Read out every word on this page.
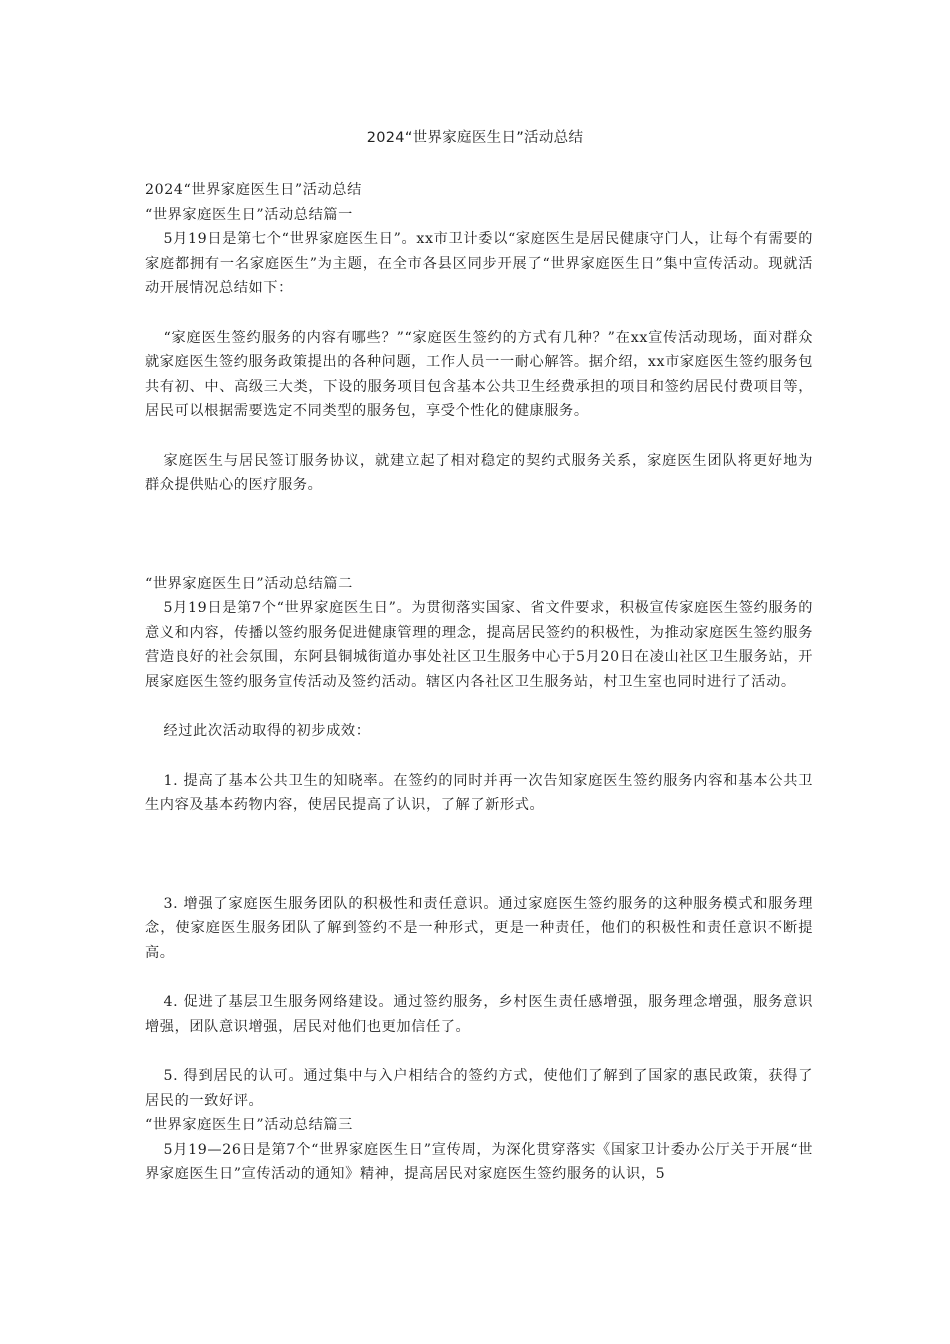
2024“世界家庭医生日”活动总结

2024“世界家庭医生日”活动总结

“世界家庭医生日”活动总结篇一

5月19日是第七个“世界家庭医生日”。xx市卫计委以“家庭医生是居民健康守门人，让每个有需要的家庭都拥有一名家庭医生”为主题，在全市各县区同步开展了“世界家庭医生日”集中宣传活动。现就活动开展情况总结如下：

“家庭医生签约服务的内容有哪些？”“家庭医生签约的方式有几种？”在xx宣传活动现场，面对群众就家庭医生签约服务政策提出的各种问题，工作人员一一耐心解答。据介绍，xx市家庭医生签约服务包共有初、中、高级三大类，下设的服务项目包含基本公共卫生经费承担的项目和签约居民付费项目等，居民可以根据需要选定不同类型的服务包，享受个性化的健康服务。

家庭医生与居民签订服务协议，就建立起了相对稳定的契约式服务关系，家庭医生团队将更好地为群众提供贴心的医疗服务。

“世界家庭医生日”活动总结篇二

5月19日是第7个“世界家庭医生日”。为贯彻落实国家、省文件要求，积极宣传家庭医生签约服务的意义和内容，传播以签约服务促进健康管理的理念，提高居民签约的积极性，为推动家庭医生签约服务营造良好的社会氛围，东阿县铜城街道办事处社区卫生服务中心于5月20日在凌山社区卫生服务站，开展家庭医生签约服务宣传活动及签约活动。辖区内各社区卫生服务站，村卫生室也同时进行了活动。

经过此次活动取得的初步成效：

1. 提高了基本公共卫生的知晓率。在签约的同时并再一次告知家庭医生签约服务内容和基本公共卫生内容及基本药物内容，使居民提高了认识，了解了新形式。

3. 增强了家庭医生服务团队的积极性和责任意识。通过家庭医生签约服务的这种服务模式和服务理念，使家庭医生服务团队了解到签约不是一种形式，更是一种责任，他们的积极性和责任意识不断提高。

4. 促进了基层卫生服务网络建设。通过签约服务，乡村医生责任感增强，服务理念增强，服务意识增强，团队意识增强，居民对他们也更加信任了。

5. 得到居民的认可。通过集中与入户相结合的签约方式，使他们了解到了国家的惠民政策，获得了居民的一致好评。

“世界家庭医生日”活动总结篇三

5月19—26日是第7个“世界家庭医生日”宣传周，为深化贯穿落实《国家卫计委办公厅关于开展“世界家庭医生日”宣传活动的通知》精神，提高居民对家庭医生签约服务的认识，5
